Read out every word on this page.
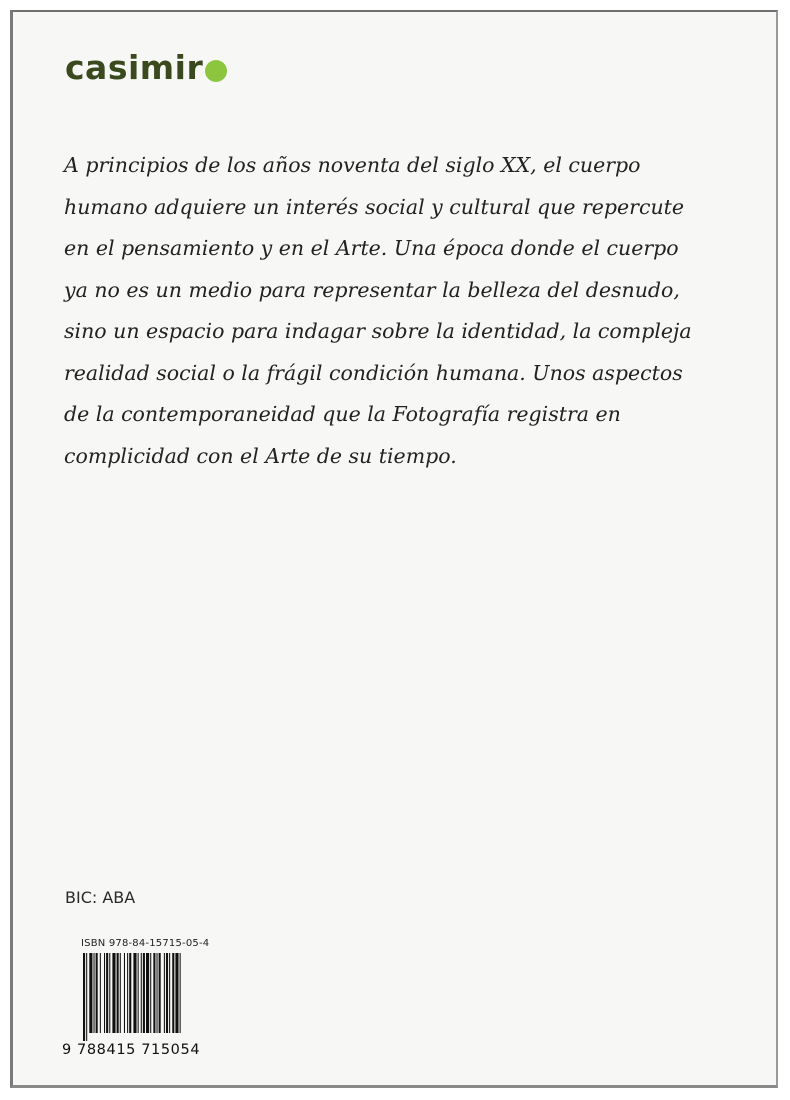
casimir

A principios de los años noventa del siglo XX, el cuerpo
humano adquiere un interés social y cultural que repercute
en el pensamiento y en el Arte. Una época donde el cuerpo
ya no es un medio para representar la belleza del desnudo,
sino un espacio para indagar sobre la identidad, la compleja
realidad social o la frágil condición humana. Unos aspectos
de la contemporaneidad que la Fotografía registra en
complicidad con el Arte de su tiempo.

BIC: ABA
ISBN 978-84-15715-05-4
9 788415 715054
